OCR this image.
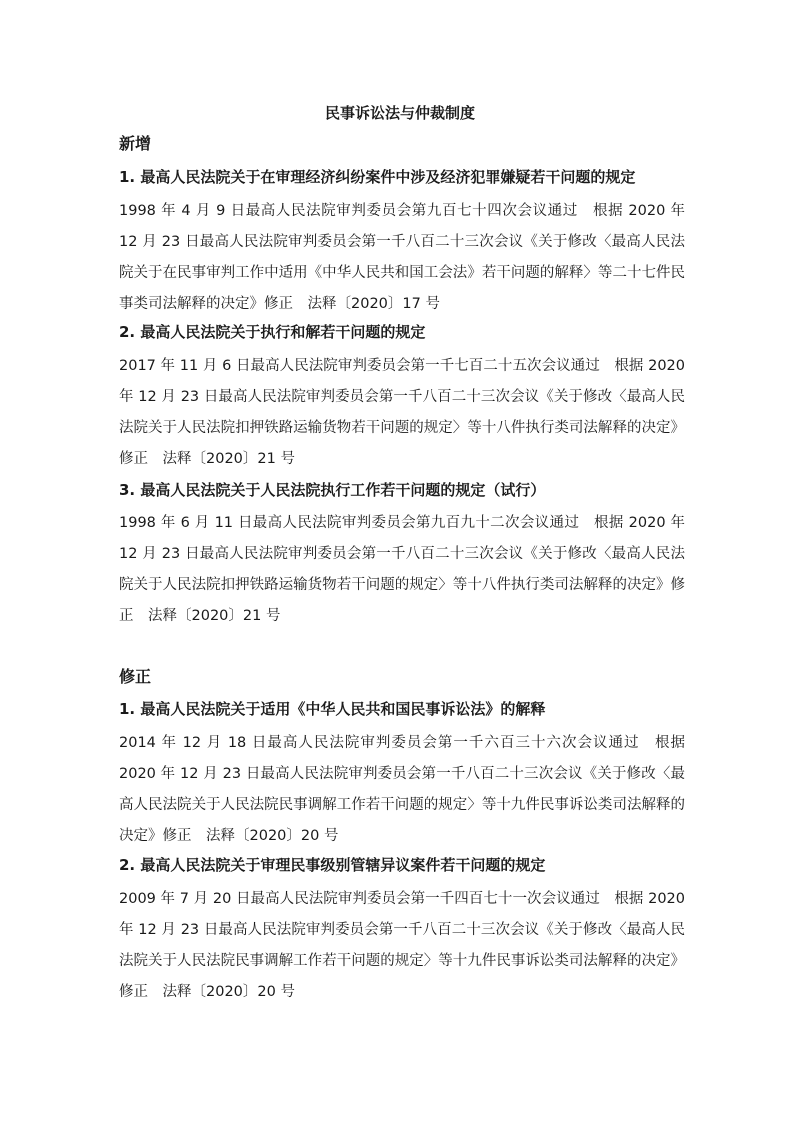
民事诉讼法与仲裁制度
新增
1. 最高人民法院关于在审理经济纠纷案件中涉及经济犯罪嫌疑若干问题的规定
1998 年 4 月 9 日最高人民法院审判委员会第九百七十四次会议通过　根据 2020 年 12 月 23 日最高人民法院审判委员会第一千八百二十三次会议《关于修改〈最高人民法院关于在民事审判工作中适用《中华人民共和国工会法》若干问题的解释〉等二十七件民事类司法解释的决定》修正　法释〔2020〕17 号
2. 最高人民法院关于执行和解若干问题的规定
2017 年 11 月 6 日最高人民法院审判委员会第一千七百二十五次会议通过　根据 2020 年 12 月 23 日最高人民法院审判委员会第一千八百二十三次会议《关于修改〈最高人民法院关于人民法院扣押铁路运输货物若干问题的规定〉等十八件执行类司法解释的决定》修正　法释〔2020〕21 号
3. 最高人民法院关于人民法院执行工作若干问题的规定（试行）
1998 年 6 月 11 日最高人民法院审判委员会第九百九十二次会议通过　根据 2020 年 12 月 23 日最高人民法院审判委员会第一千八百二十三次会议《关于修改〈最高人民法院关于人民法院扣押铁路运输货物若干问题的规定〉等十八件执行类司法解释的决定》修正　法释〔2020〕21 号
修正
1. 最高人民法院关于适用《中华人民共和国民事诉讼法》的解释
2014 年 12 月 18 日最高人民法院审判委员会第一千六百三十六次会议通过　根据 2020 年 12 月 23 日最高人民法院审判委员会第一千八百二十三次会议《关于修改〈最高人民法院关于人民法院民事调解工作若干问题的规定〉等十九件民事诉讼类司法解释的决定》修正　法释〔2020〕20 号
2. 最高人民法院关于审理民事级别管辖异议案件若干问题的规定
2009 年 7 月 20 日最高人民法院审判委员会第一千四百七十一次会议通过　根据 2020 年 12 月 23 日最高人民法院审判委员会第一千八百二十三次会议《关于修改〈最高人民法院关于人民法院民事调解工作若干问题的规定〉等十九件民事诉讼类司法解释的决定》修正　法释〔2020〕20 号
